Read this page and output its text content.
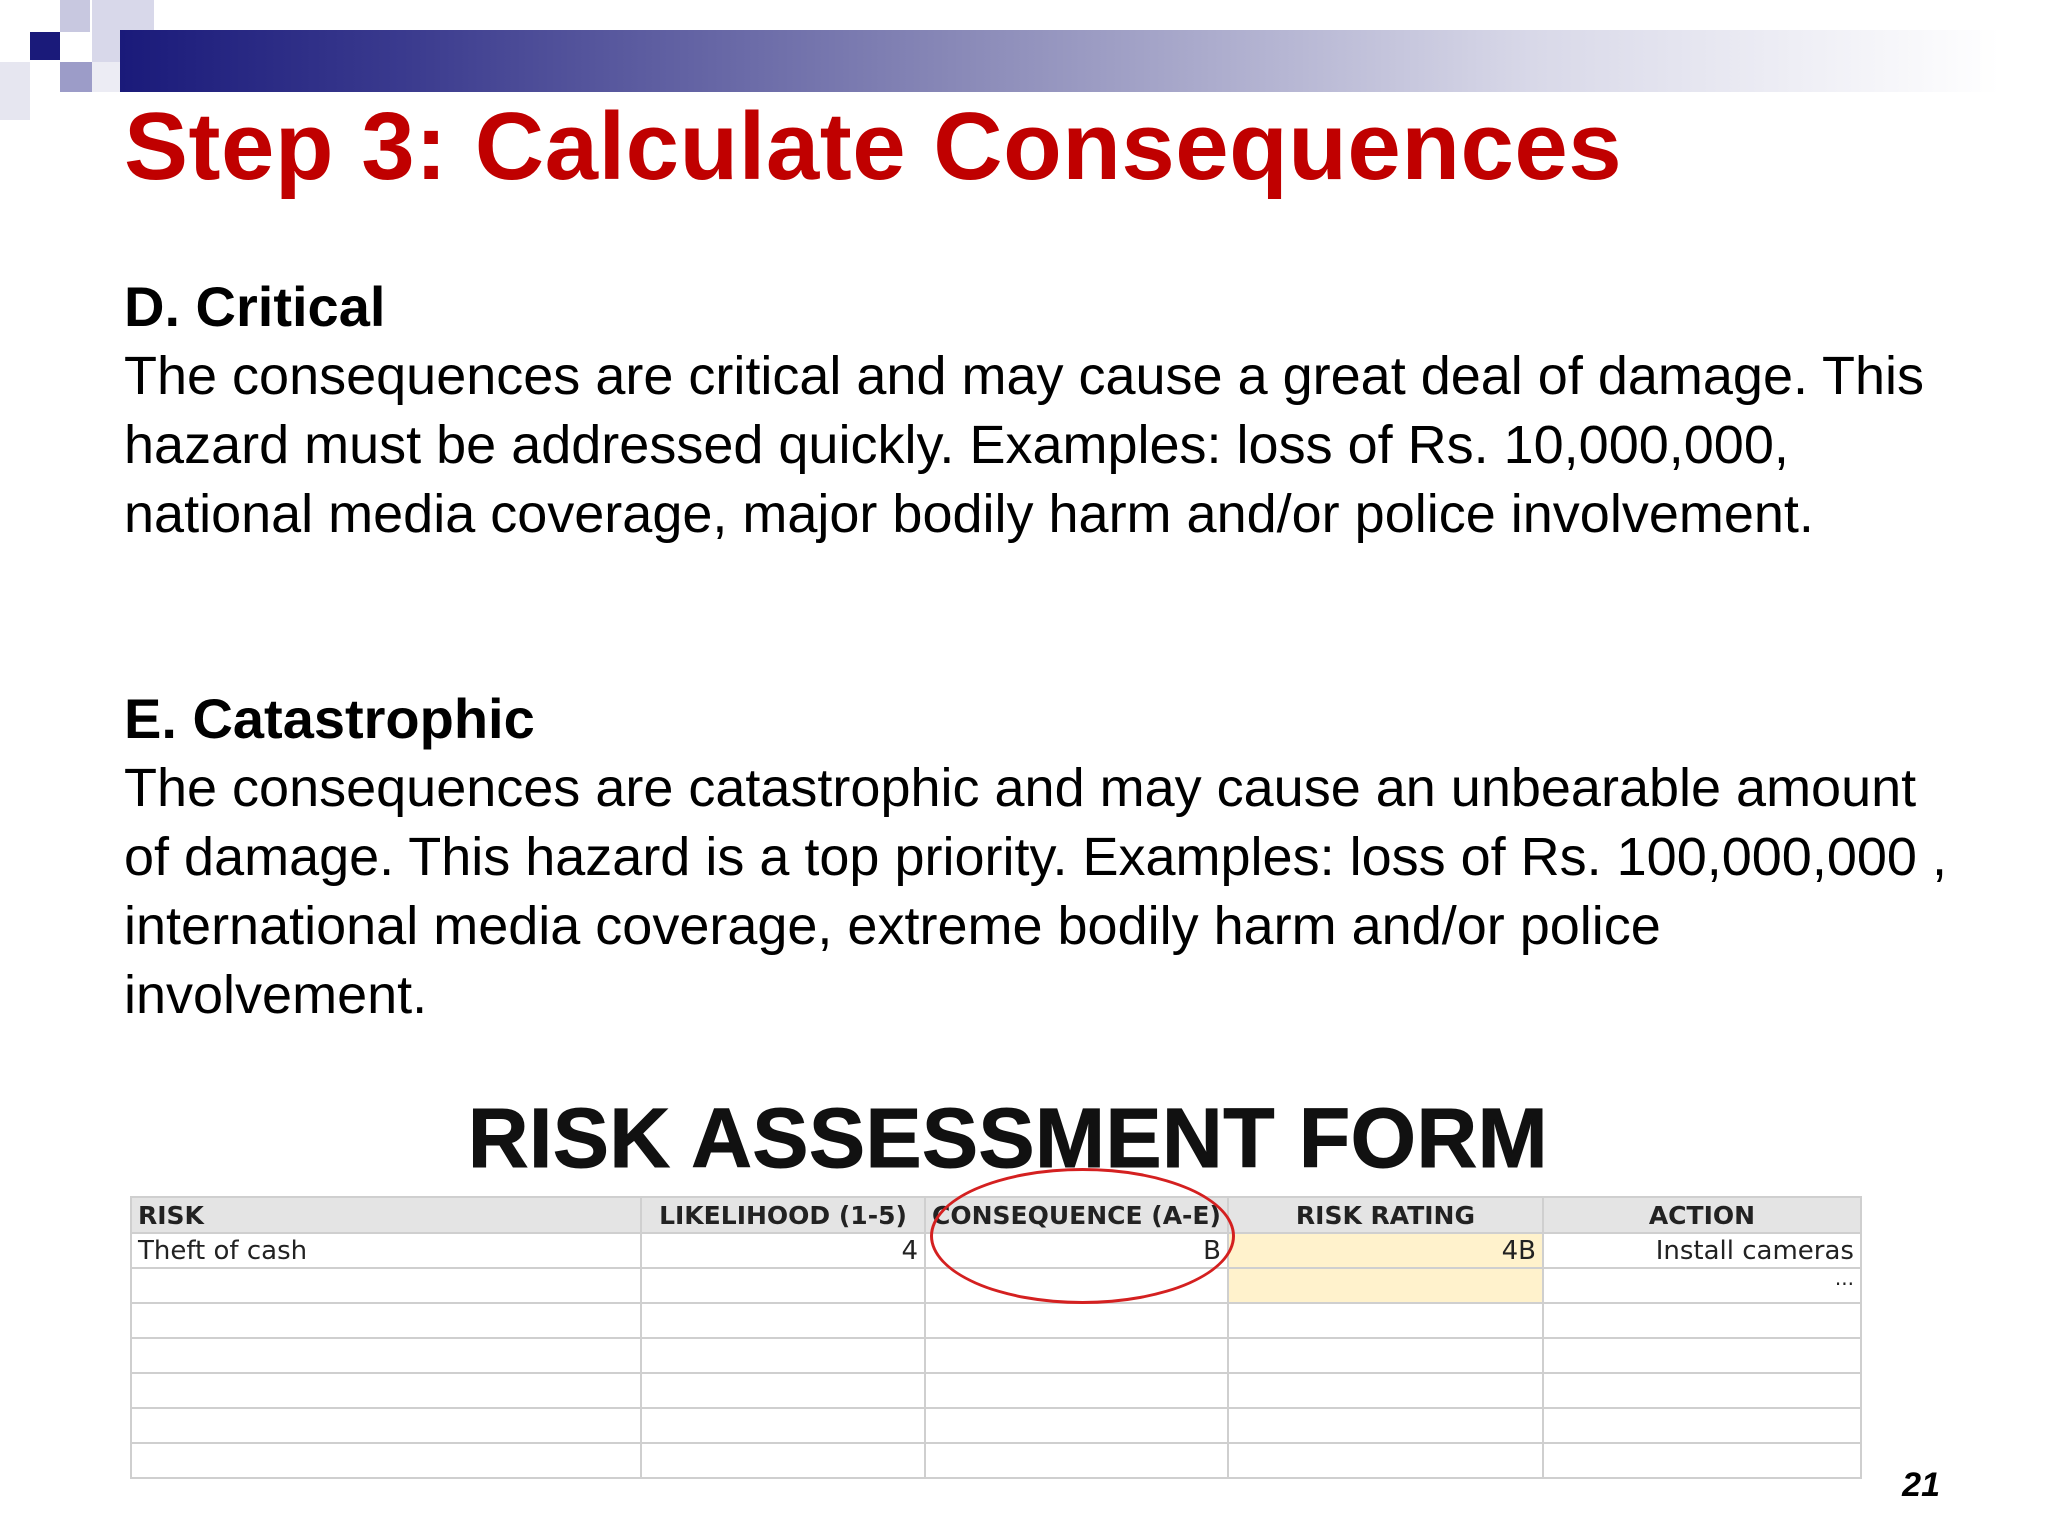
Step 3: Calculate Consequences

D. Critical

The consequences are critical and may cause a great deal of damage. This hazard must be addressed quickly. Examples: loss of Rs. 10,000,000, national media coverage, major bodily harm and/or police involvement.

E. Catastrophic

The consequences are catastrophic and may cause an unbearable amount of damage. This hazard is a top priority. Examples: loss of Rs. 100,000,000 , international media coverage, extreme bodily harm and/or police involvement.

RISK ASSESSMENT FORM
RISK	LIKELIHOOD (1-5)	CONSEQUENCE (A-E)	RISK RATING	ACTION
Theft of cash	4	B	4B	Install cameras
				...

21
